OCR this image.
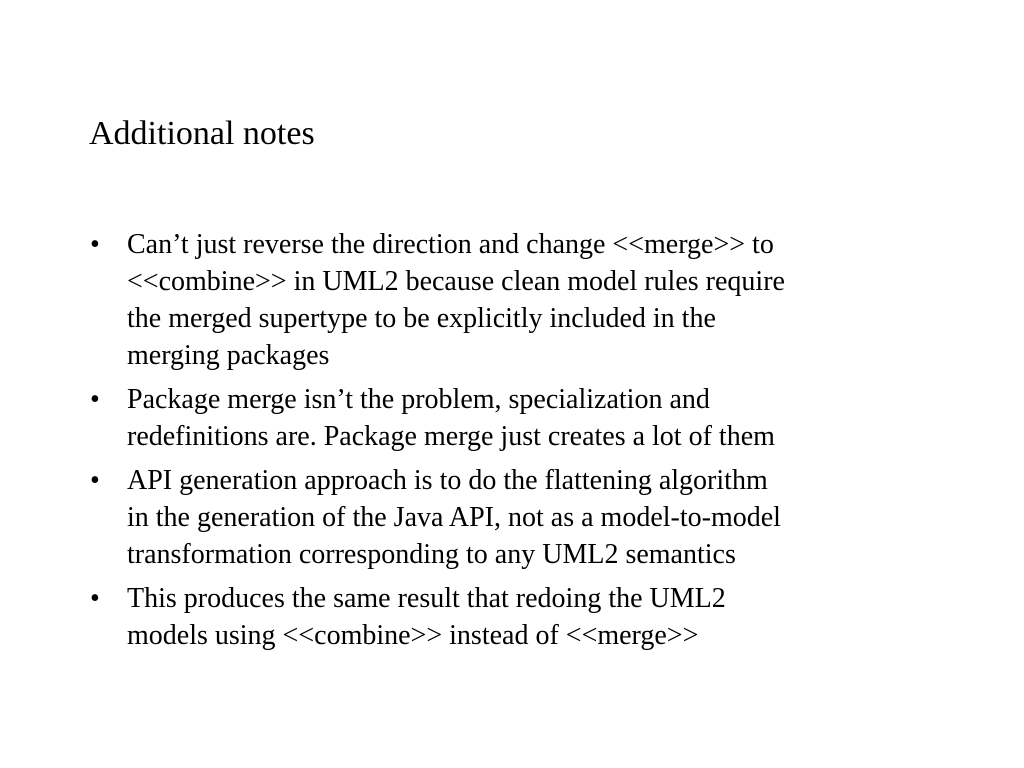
Additional notes
• Can’t just reverse the direction and change <<merge>> to
<<combine>> in UML2 because clean model rules require
the merged supertype to be explicitly included in the
merging packages
• Package merge isn’t the problem, specialization and
redefinitions are. Package merge just creates a lot of them
• API generation approach is to do the flattening algorithm
in the generation of the Java API, not as a model-to-model
transformation corresponding to any UML2 semantics
• This produces the same result that redoing the UML2
models using <<combine>> instead of <<merge>>
